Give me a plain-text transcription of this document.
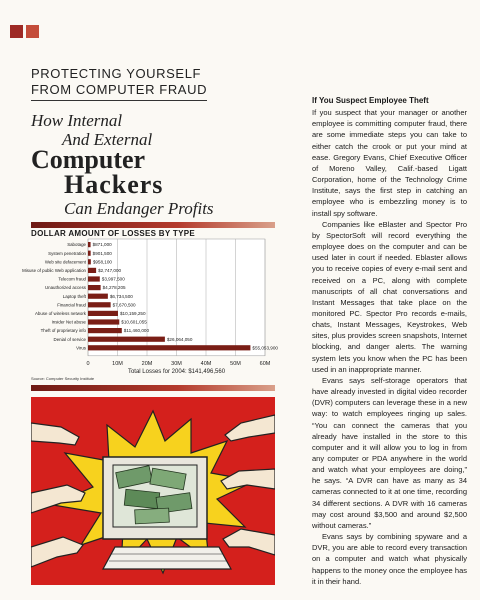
PROTECTING YOURSELF
FROM COMPUTER FRAUD
How Internal
And External
Computer
Hackers
Can Endanger Profits
DOLLAR AMOUNT OF LOSSES BY TYPE
0	10M	20M	30M	40M	50M	60M
Sabotage $871,000
System penetration $901,500
Web site defacement $958,100
Misuse of public Web application	$2,747,000
Telecom fraud	$3,997,500
Unauthorized access	$4,278,205
Laptop theft	$6,734,500
Financial fraud	$7,670,500
Abuse of wireless network	$10,159,250
Insider Net abuse	$10,601,055
Theft of proprietary info	$11,460,000
Denial of service	$26,064,050
Virus	$55,053,900
Total Losses for 2004: $141,496,560
Source: Computer Security Institute
If You Suspect Employee Theft

If you suspect that your manager or another employee is committing computer fraud, there are some immediate steps you can take to either catch the crook or put your mind at ease. Gregory Evans, Chief Executive Officer of Moreno Valley, Calif.-based Ligatt Corporation, home of the Technology Crime Institute, says the first step in catching an employee who is embezzling money is to install spy software.

Companies like eBlaster and Spector Pro by SpectorSoft will record everything the employee does on the computer and can be used later in court if needed. Eblaster allows you to receive copies of every e-mail sent and received on a PC, along with complete manuscripts of all chat conversations and Instant Messages that take place on the monitored PC. Spector Pro records e-mails, chats, Instant Messages, Keystrokes, Web sites, plus provides screen snapshots, Internet blocking, and danger alerts. The warning system lets you know when the PC has been used in an inappropriate manner.

Evans says self-storage operators that have already invested in digital video recorder (DVR) computers can leverage these in a new way: to watch employees ringing up sales. “You can connect the cameras that you already have installed in the store to this computer and it will allow you to log in from any computer or PDA anywhere in the world and watch what your employees are doing,” he says. “A DVR can have as many as 34 cameras connected to it at one time, recording 34 different sections. A DVR with 16 cameras may cost around $3,500 and around $2,500 without cameras.”

Evans says by combining spyware and a DVR, you are able to record every transaction on a computer and watch what physically happens to the money once the employee has it in their hand.
